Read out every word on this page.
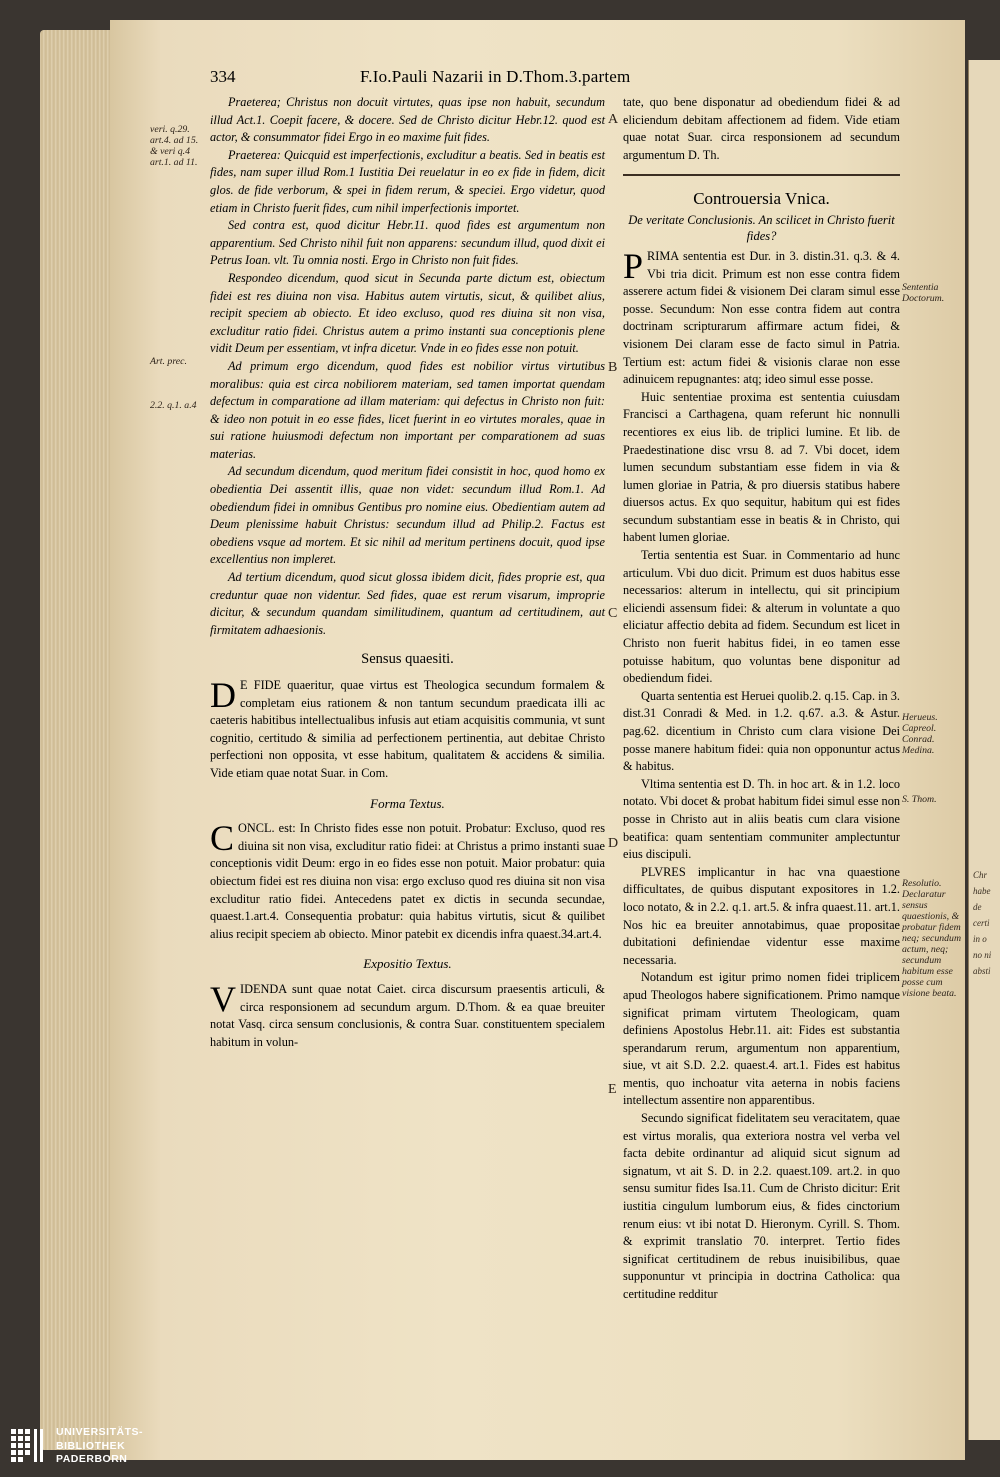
Chr
habe
de
certi
in o
no ni
absti
334	F.Io.Pauli Nazarii in D.Thom.3.partem

Praeterea; Christus non docuit virtutes, quas ipse non habuit, secundum illud Act.1. Coepit facere, & docere. Sed de Christo dicitur Hebr.12. quod est actor, & consummator fidei Ergo in eo maxime fuit fides.

Praeterea: Quicquid est imperfectionis, excluditur a beatis. Sed in beatis est fides, nam super illud Rom.1 Iustitia Dei reuelatur in eo ex fide in fidem, dicit glos. de fide verborum, & spei in fidem rerum, & speciei. Ergo videtur, quod etiam in Christo fuerit fides, cum nihil imperfectionis importet.

Sed contra est, quod dicitur Hebr.11. quod fides est argumentum non apparentium. Sed Christo nihil fuit non apparens: secundum illud, quod dixit ei Petrus Ioan. vlt. Tu omnia nosti. Ergo in Christo non fuit fides.

Respondeo dicendum, quod sicut in Secunda parte dictum est, obiectum fidei est res diuina non visa. Habitus autem virtutis, sicut, & quilibet alius, recipit speciem ab obiecto. Et ideo excluso, quod res diuina sit non visa, excluditur ratio fidei. Christus autem a primo instanti sua conceptionis plene vidit Deum per essentiam, vt infra dicetur. Vnde in eo fides esse non potuit.

Ad primum ergo dicendum, quod fides est nobilior virtus virtutibus moralibus: quia est circa nobiliorem materiam, sed tamen importat quendam defectum in comparatione ad illam materiam: qui defectus in Christo non fuit: & ideo non potuit in eo esse fides, licet fuerint in eo virtutes morales, quae in sui ratione huiusmodi defectum non important per comparationem ad suas materias.

Ad secundum dicendum, quod meritum fidei consistit in hoc, quod homo ex obedientia Dei assentit illis, quae non videt: secundum illud Rom.1. Ad obediendum fidei in omnibus Gentibus pro nomine eius. Obedientiam autem ad Deum plenissime habuit Christus: secundum illud ad Philip.2. Factus est obediens vsque ad mortem. Et sic nihil ad meritum pertinens docuit, quod ipse excellentius non impleret.

Ad tertium dicendum, quod sicut glossa ibidem dicit, fides proprie est, qua creduntur quae non videntur. Sed fides, quae est rerum visarum, improprie dicitur, & secundum quandam similitudinem, quantum ad certitudinem, aut firmitatem adhaesionis.

Sensus quaesiti.

D E FIDE quaeritur, quae virtus est Theologica secundum formalem & completam eius rationem & non tantum secundum praedicata illi ac caeteris habitibus intellectualibus infusis aut etiam acquisitis communia, vt sunt cognitio, certitudo & similia ad perfectionem pertinentia, aut debitae Christo perfectioni non opposita, vt esse habitum, qualitatem & accidens & similia. Vide etiam quae notat Suar. in Com.

Forma Textus.

CONCL. est: In Christo fides esse non potuit. Probatur: Excluso, quod res diuina sit non visa, excluditur ratio fidei: at Christus a primo instanti suae conceptionis vidit Deum: ergo in eo fides esse non potuit. Maior probatur: quia obiectum fidei est res diuina non visa: ergo excluso quod res diuina sit non visa excluditur ratio fidei. Antecedens patet ex dictis in secunda secundae, quaest.1.art.4. Consequentia probatur: quia habitus virtutis, sicut & quilibet alius recipit speciem ab obiecto. Minor patebit ex dicendis infra quaest.34.art.4.

Expositio Textus.

VIDENDA sunt quae notat Caiet. circa discursum praesentis articuli, & circa responsionem ad secundum argum. D.Thom. & ea quae breuiter notat Vasq. circa sensum conclusionis, & contra Suar. constituentem specialem habitum in volun-

tate, quo bene disponatur ad obediendum fidei & ad eliciendum debitam affectionem ad fidem. Vide etiam quae notat Suar. circa responsionem ad secundum argumentum D. Th.

Controuersia Vnica.
De veritate Conclusionis. An scilicet in Christo fuerit fides?

PRIMA sententia est Dur. in 3. distin.31. q.3. & 4. Vbi tria dicit. Primum est non esse contra fidem asserere actum fidei & visionem Dei claram simul esse posse. Secundum: Non esse contra fidem aut contra doctrinam scripturarum affirmare actum fidei, & visionem Dei claram esse de facto simul in Patria. Tertium est: actum fidei & visionis clarae non esse adinuicem repugnantes: atq; ideo simul esse posse.

Huic sententiae proxima est sententia cuiusdam Francisci a Carthagena, quam referunt hic nonnulli recentiores ex eius lib. de triplici lumine. Et lib. de Praedestinatione disc vrsu 8. ad 7. Vbi docet, idem lumen secundum substantiam esse fidem in via & lumen gloriae in Patria, & pro diuersis statibus habere diuersos actus. Ex quo sequitur, habitum qui est fides secundum substantiam esse in beatis & in Christo, qui habent lumen gloriae.

Tertia sententia est Suar. in Commentario ad hunc articulum. Vbi duo dicit. Primum est duos habitus esse necessarios: alterum in intellectu, qui sit principium eliciendi assensum fidei: & alterum in voluntate a quo eliciatur affectio debita ad fidem. Secundum est licet in Christo non fuerit habitus fidei, in eo tamen esse potuisse habitum, quo voluntas bene disponitur ad obediendum fidei.

Quarta sententia est Heruei quolib.2. q.15. Cap. in 3. dist.31 Conradi & Med. in 1.2. q.67. a.3. & Astur. pag.62. dicentium in Christo cum clara visione Dei posse manere habitum fidei: quia non opponuntur actus & habitus.

Vltima sententia est D. Th. in hoc art. & in 1.2. loco notato. Vbi docet & probat habitum fidei simul esse non posse in Christo aut in aliis beatis cum clara visione beatifica: quam sententiam communiter amplectuntur eius discipuli.

PLVRES implicantur in hac vna quaestione difficultates, de quibus disputant expositores in 1.2. loco notato, & in 2.2. q.1. art.5. & infra quaest.11. art.1. Nos hic ea breuiter annotabimus, quae propositae dubitationi definiendae videntur esse maxime necessaria.

Notandum est igitur primo nomen fidei triplicem apud Theologos habere significationem. Primo namque significat primam virtutem Theologicam, quam definiens Apostolus Hebr.11. ait: Fides est substantia sperandarum rerum, argumentum non apparentium, siue, vt ait S.D. 2.2. quaest.4. art.1. Fides est habitus mentis, quo inchoatur vita aeterna in nobis faciens intellectum assentire non apparentibus.

Secundo significat fidelitatem seu veracitatem, quae est virtus moralis, qua exteriora nostra vel verba vel facta debite ordinantur ad aliquid sicut signum ad signatum, vt ait S. D. in 2.2. quaest.109. art.2. in quo sensu sumitur fides Isa.11. Cum de Christo dicitur: Erit iustitia cingulum lumborum eius, & fides cinctorium renum eius: vt ibi notat D. Hieronym. Cyrill. S. Thom. & exprimit translatio 70. interpret. Tertio fides significat certitudinem de rebus inuisibilibus, quae supponuntur vt principia in doctrina Catholica: qua certitudine redditur

veri. q.29. art.4. ad 15. & veri q.4 art.1. ad 11.
Art. prec.
2.2. q.1. a.4
Sententia Doctorum.
Herueus. Capreol. Conrad. Medina.
S. Thom.
Resolutio. Declaratur sensus quaestionis, & probatur fidem neq; secundum actum, neq; secundum habitum esse posse cum visione beata.
A
B
C
D
E
UNIVERSITÄTS-
BIBLIOTHEK
PADERBORN
